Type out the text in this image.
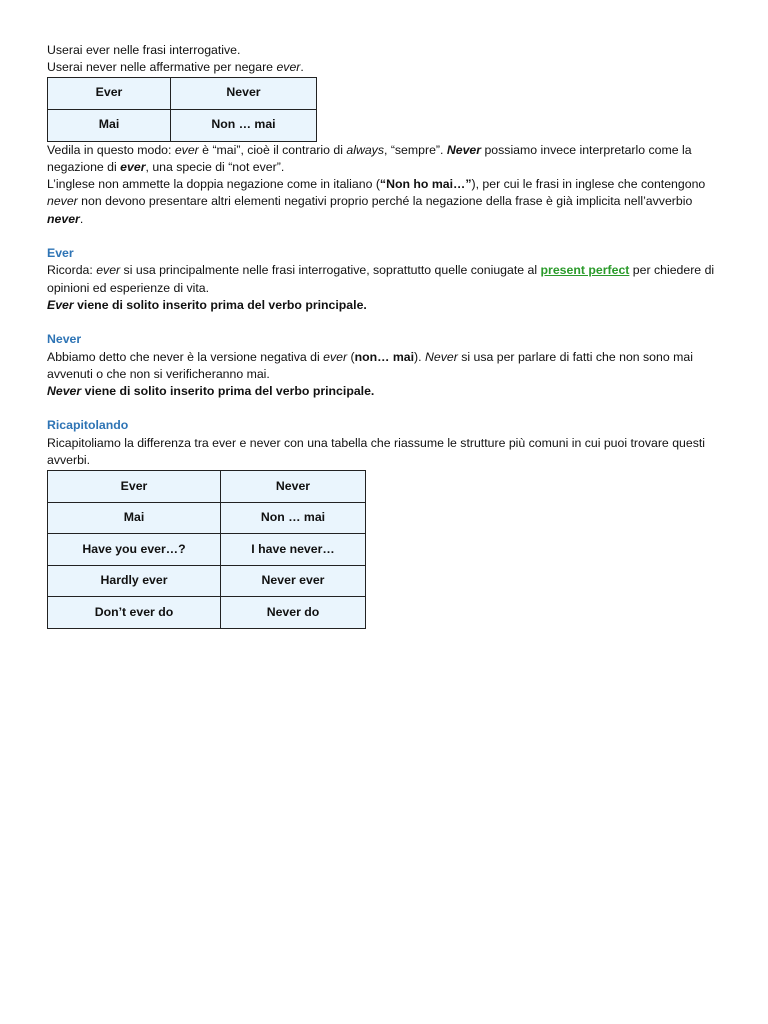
Userai ever nelle frasi interrogative.

Userai never nelle affermative per negare ever.

Ever	Never
Mai	Non … mai

Vedila in questo modo: ever è “mai”, cioè il contrario di always, “sempre”. Never possiamo invece interpretarlo come la negazione di ever, una specie di “not ever”.

L’inglese non ammette la doppia negazione come in italiano (“Non ho mai…”), per cui le frasi in inglese che contengono never non devono presentare altri elementi negativi proprio perché la negazione della frase è già implicita nell’avverbio never.

Ever

Ricorda: ever si usa principalmente nelle frasi interrogative, soprattutto quelle coniugate al present perfect per chiedere di opinioni ed esperienze di vita.

Ever viene di solito inserito prima del verbo principale.

Never

Abbiamo detto che never è la versione negativa di ever (non… mai). Never si usa per parlare di fatti che non sono mai avvenuti o che non si verificheranno mai.

Never viene di solito inserito prima del verbo principale.

Ricapitolando

Ricapitoliamo la differenza tra ever e never con una tabella che riassume le strutture più comuni in cui puoi trovare questi avverbi.

Ever	Never
Mai	Non … mai
Have you ever…?	I have never…
Hardly ever	Never ever
Don’t ever do	Never do
